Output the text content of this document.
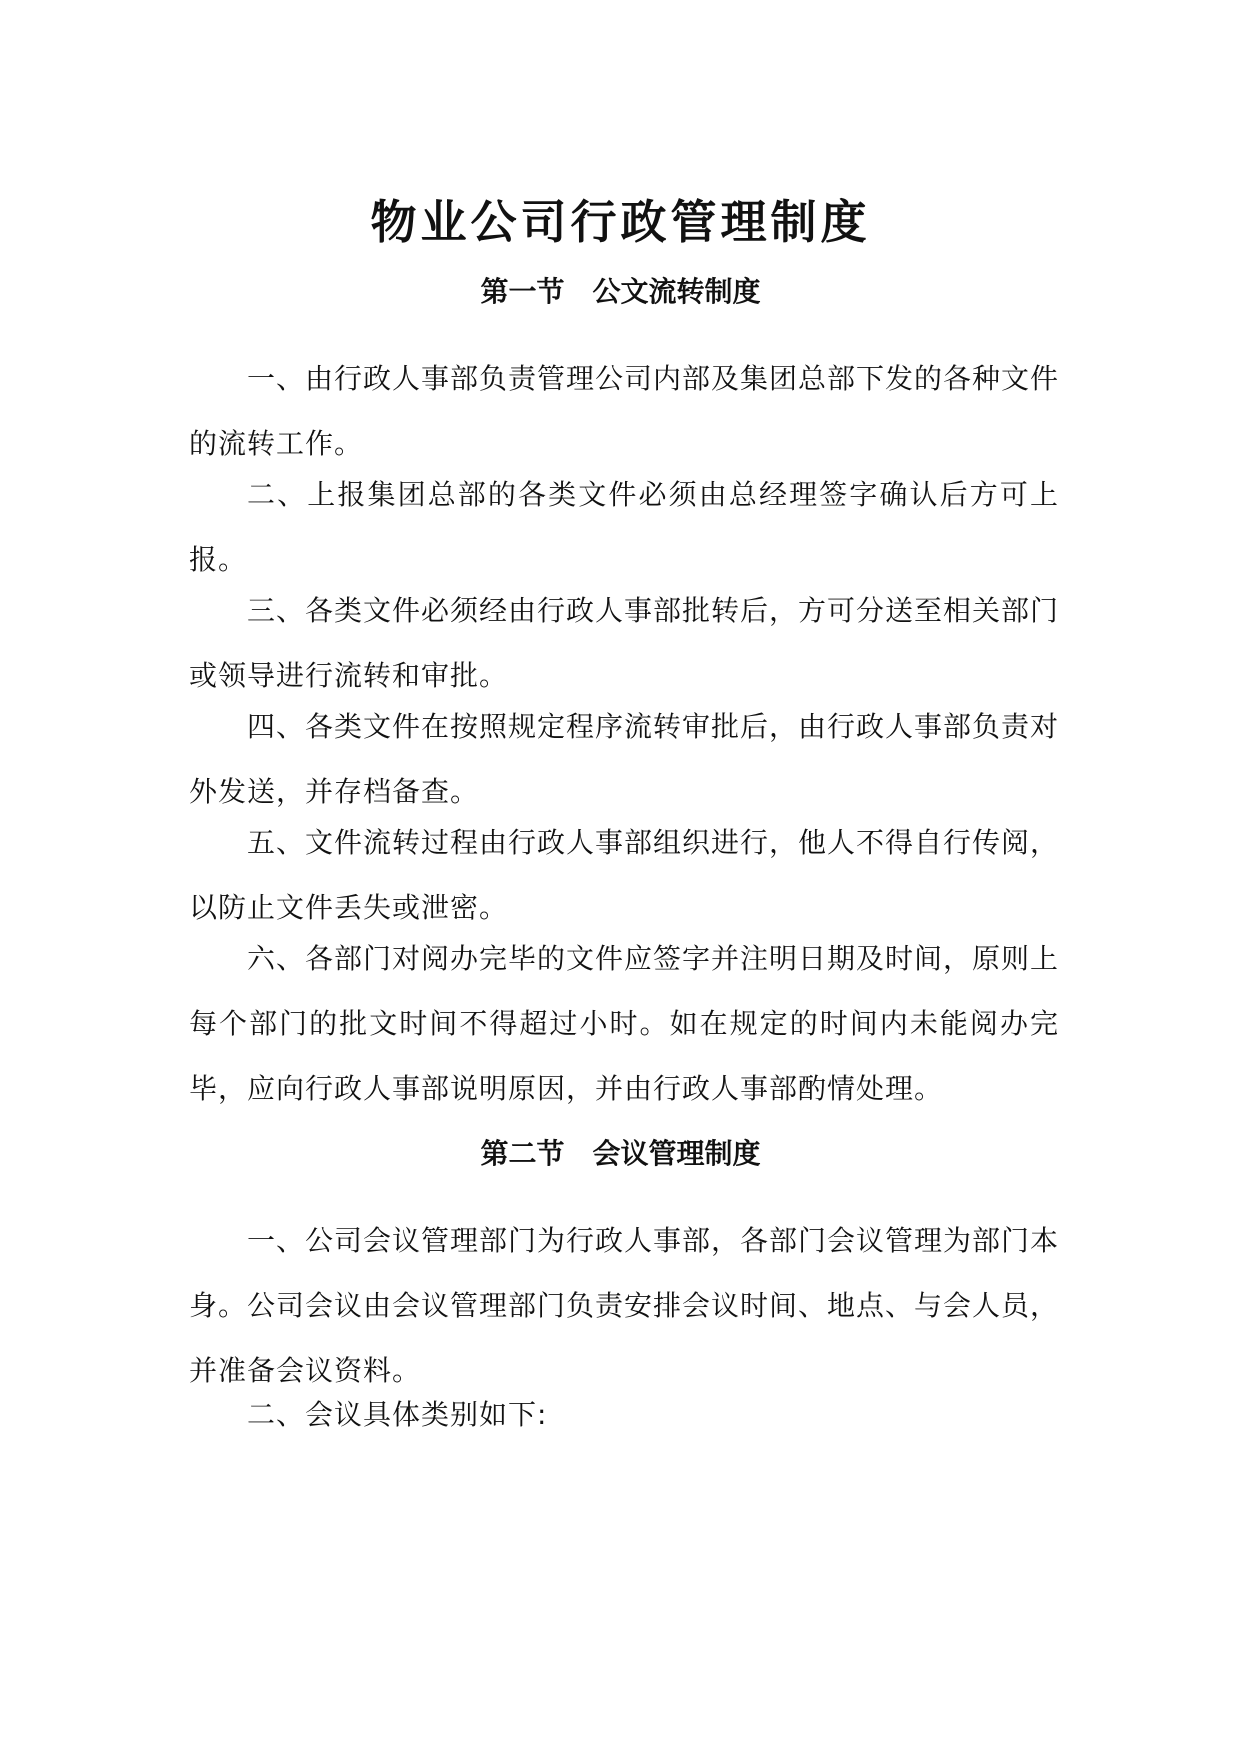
物业公司行政管理制度
第一节　公文流转制度

一、由行政人事部负责管理公司内部及集团总部下发的各种文件的流转工作。

二、上报集团总部的各类文件必须由总经理签字确认后方可上报。

三、各类文件必须经由行政人事部批转后，方可分送至相关部门或领导进行流转和审批。

四、各类文件在按照规定程序流转审批后，由行政人事部负责对外发送，并存档备查。

五、文件流转过程由行政人事部组织进行，他人不得自行传阅，以防止文件丢失或泄密。

六、各部门对阅办完毕的文件应签字并注明日期及时间，原则上每个部门的批文时间不得超过小时。如在规定的时间内未能阅办完毕，应向行政人事部说明原因，并由行政人事部酌情处理。

第二节　会议管理制度

一、公司会议管理部门为行政人事部，各部门会议管理为部门本身。公司会议由会议管理部门负责安排会议时间、地点、与会人员，并准备会议资料。

二、会议具体类别如下:
